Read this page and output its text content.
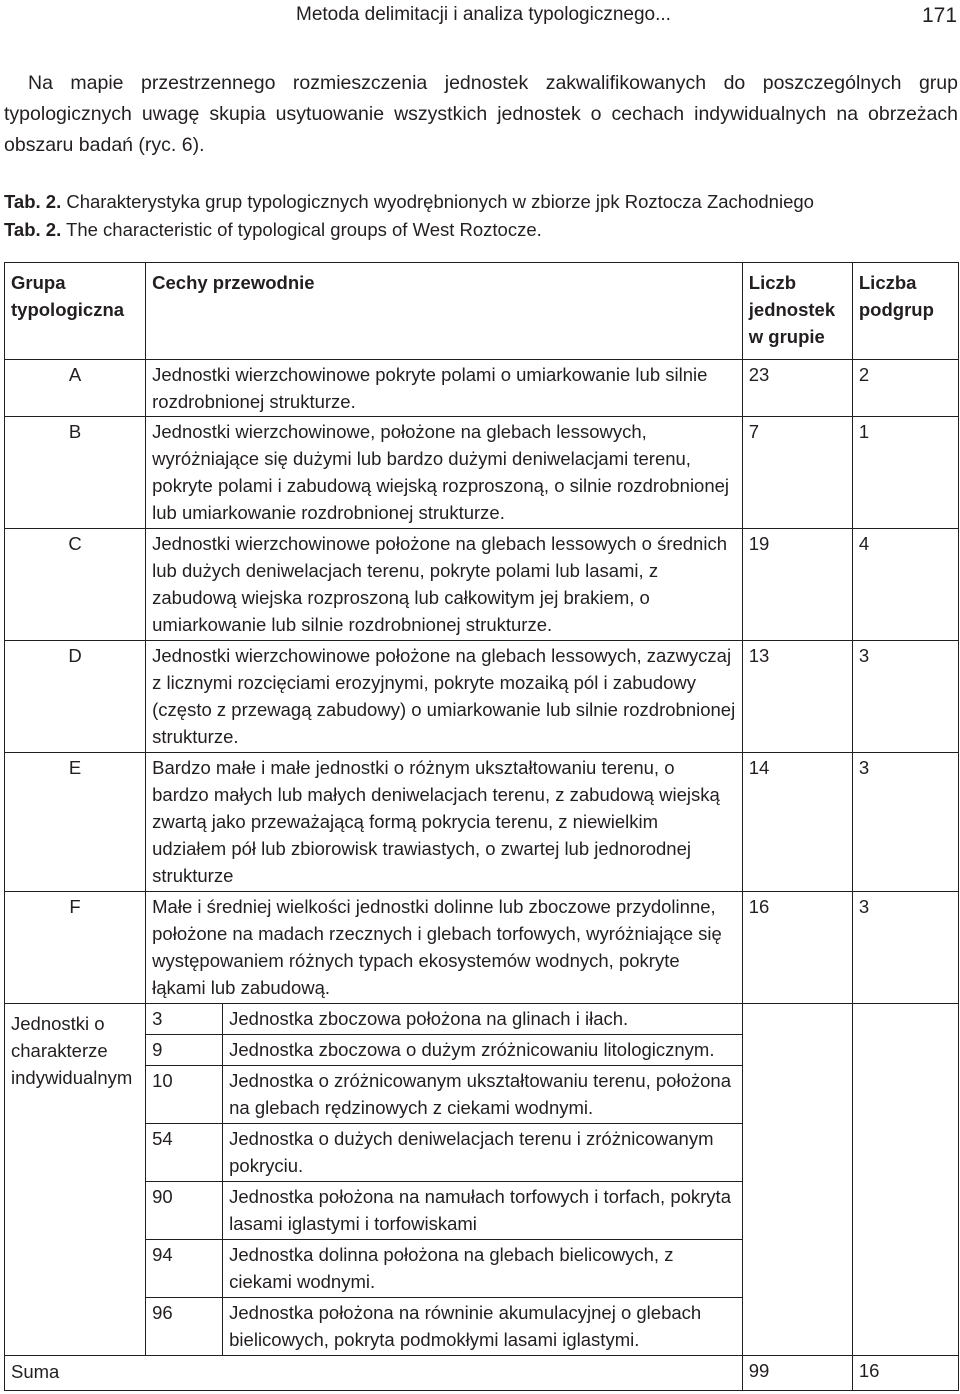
Metoda delimitacji i analiza typologicznego...	171
Na mapie przestrzennego rozmieszczenia jednostek zakwalifikowanych do poszczególnych grup typologicznych uwagę skupia usytuowanie wszystkich jednostek o cechach indywidualnych na obrzeżach obszaru badań (ryc. 6).
Tab. 2. Charakterystyka grup typologicznych wyodrębnionych w zbiorze jpk Roztocza Zachodniego
Tab. 2. The characteristic of typological groups of West Roztocze.
Grupa typologiczna	Cechy przewodnie	Liczb jednostek w grupie	Liczba podgrup
A	Jednostki wierzchowinowe pokryte polami o umiarkowanie lub silnie rozdrobnionej strukturze.	23	2
B	Jednostki wierzchowinowe, położone na glebach lessowych, wyróżniające się dużymi lub bardzo dużymi deniwelacjami terenu, pokryte polami i zabudową wiejską rozproszoną, o silnie rozdrobnionej lub umiarkowanie rozdrobnionej strukturze.	7	1
C	Jednostki wierzchowinowe położone na glebach lessowych o średnich lub dużych deniwelacjach terenu, pokryte polami lub lasami, z zabudową wiejska rozproszoną lub całkowitym jej brakiem, o umiarkowanie lub silnie rozdrobnionej strukturze.	19	4
D	Jednostki wierzchowinowe położone na glebach lessowych, zazwyczaj z licznymi rozcięciami erozyjnymi, pokryte mozaiką pól i zabudowy (często z przewagą zabudowy) o umiarkowanie lub silnie rozdrobnionej strukturze.	13	3
E	Bardzo małe i małe jednostki o różnym ukształtowaniu terenu, o bardzo małych lub małych deniwelacjach terenu, z zabudową wiejską zwartą jako przeważającą formą pokrycia terenu, z niewielkim udziałem pół lub zbiorowisk trawiastych, o zwartej lub jednorodnej strukturze	14	3
F	Małe i średniej wielkości jednostki dolinne lub zboczowe przydolinne, położone na madach rzecznych i glebach torfowych, wyróżniające się występowaniem różnych typach ekosystemów wodnych, pokryte łąkami lub zabudową.	16	3
Jednostki o charakterze indywidualnym	
3	Jednostka zboczowa położona na glinach i iłach.
9	Jednostka zboczowa o dużym zróżnicowaniu litologicznym.
10	Jednostka o zróżnicowanym ukształtowaniu terenu, położona na glebach rędzinowych z ciekami wodnymi.
54	Jednostka o dużych deniwelacjach terenu i zróżnicowanym pokryciu.
90	Jednostka położona na namułach torfowych i torfach, pokryta lasami iglastymi i torfowiskami
94	Jednostka dolinna położona na glebach bielicowych, z ciekami wodnymi.
96	Jednostka położona na równinie akumulacyjnej o glebach bielicowych, pokryta podmokłymi lasami iglastymi.

Suma	99	16
